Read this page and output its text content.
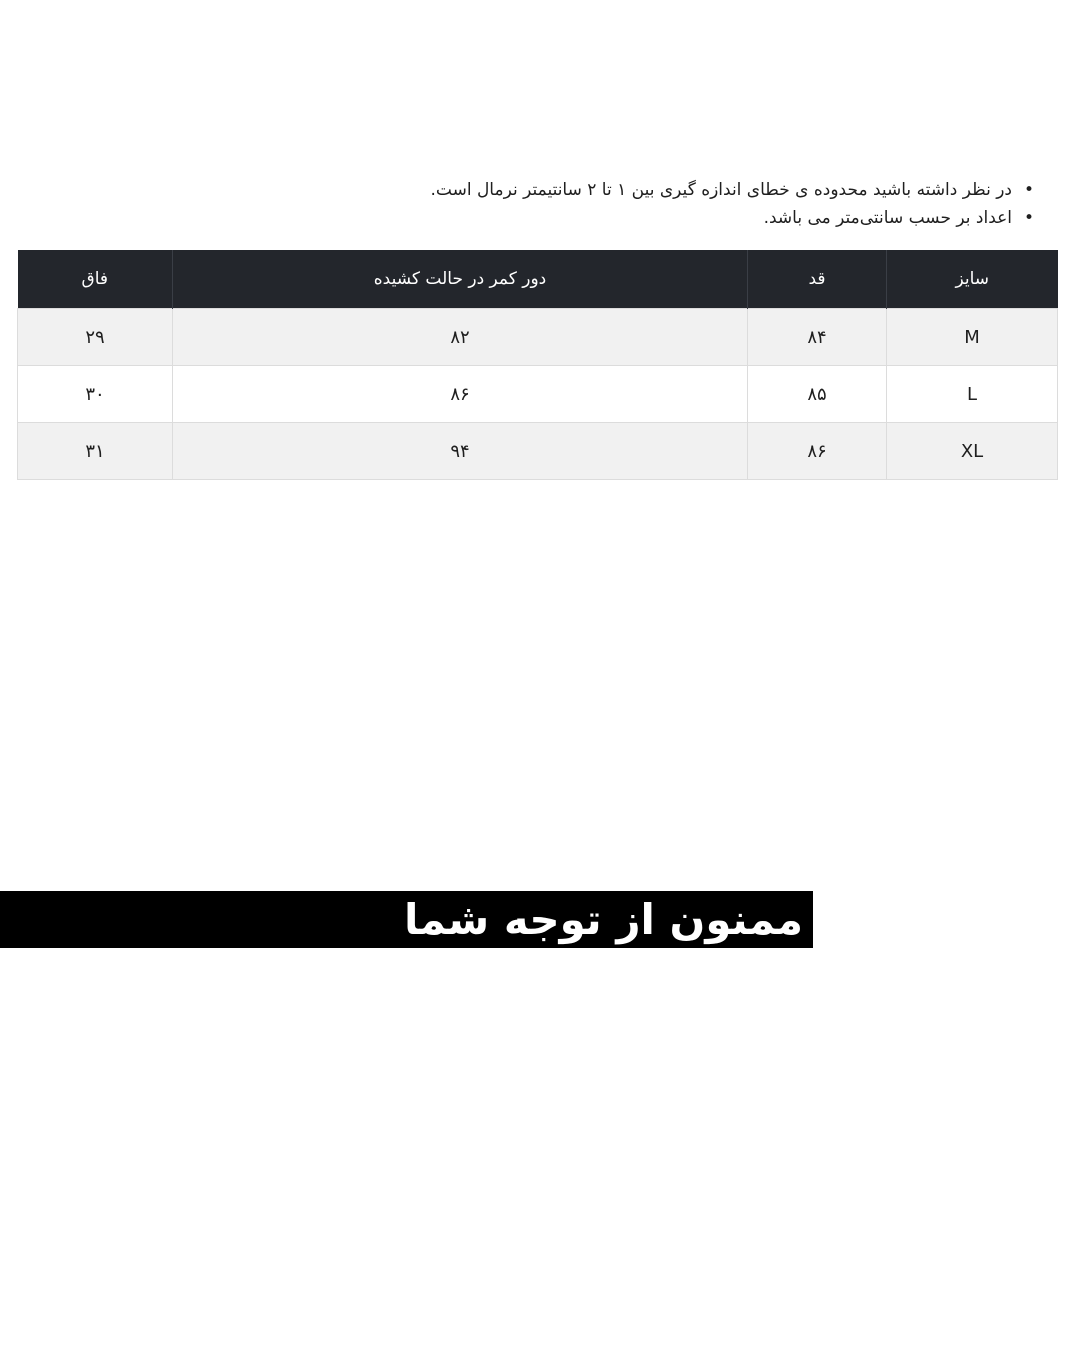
• در نظر داشته باشید محدوده ی خطای اندازه گیری بین ۱ تا ۲ سانتیمتر نرمال است.
• اعداد بر حسب سانتی‌متر می باشد.
سایز	قد	دور کمر در حالت کشیده	فاق
M	۸۴	۸۲	۲۹
L	۸۵	۸۶	۳۰
XL	۸۶	۹۴	۳۱
ممنون از توجه شما
